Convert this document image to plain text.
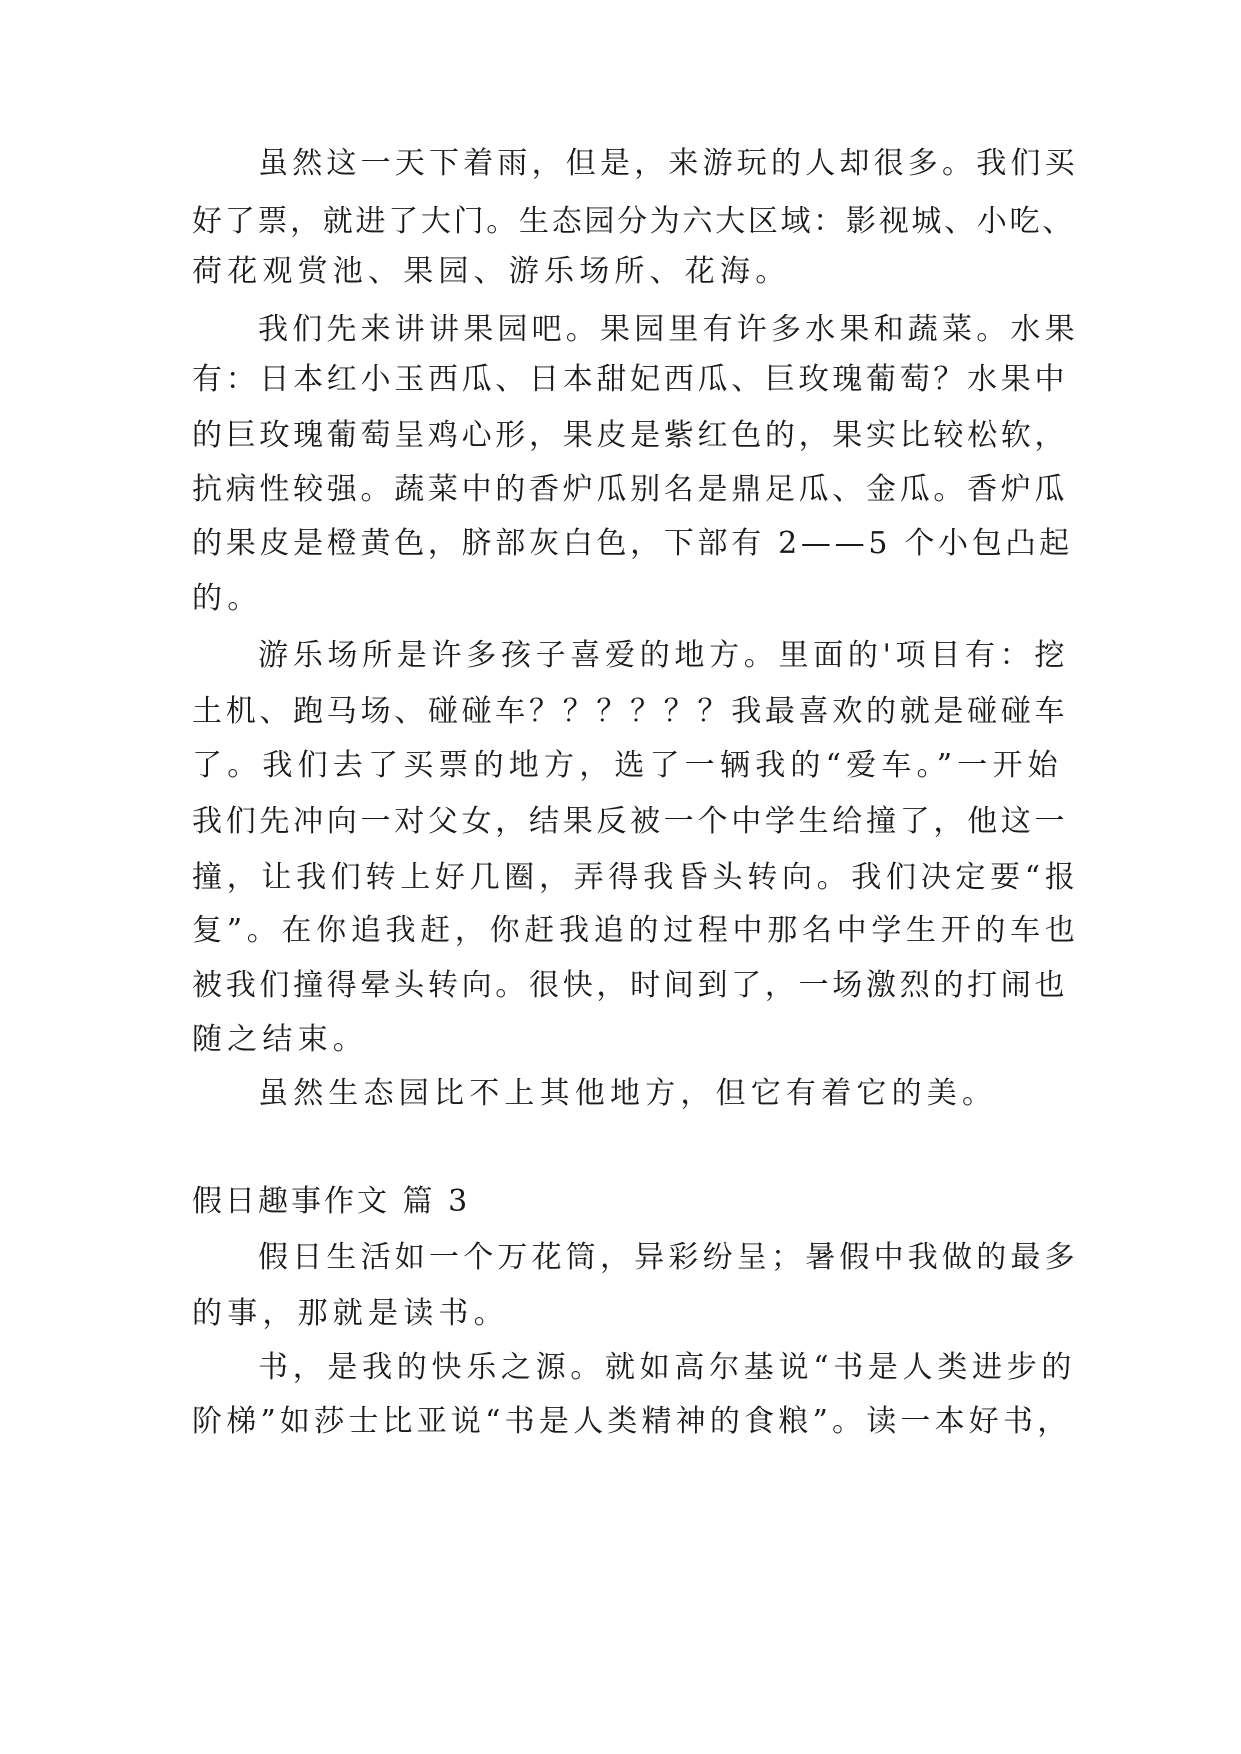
虽然这一天下着雨，但是，来游玩的人却很多。我们买
好了票，就进了大门。生态园分为六大区域：影视城、小吃、
荷花观赏池、果园、游乐场所、花海。
我们先来讲讲果园吧。果园里有许多水果和蔬菜。水果
有：日本红小玉西瓜、日本甜妃西瓜、巨玫瑰葡萄？水果中
的巨玫瑰葡萄呈鸡心形，果皮是紫红色的，果实比较松软，
抗病性较强。蔬菜中的香炉瓜别名是鼎足瓜、金瓜。香炉瓜
的果皮是橙黄色，脐部灰白色，下部有 2——5 个小包凸起
的。
游乐场所是许多孩子喜爱的地方。里面的'项目有：挖
土机、跑马场、碰碰车？？？？？？我最喜欢的就是碰碰车
了。我们去了买票的地方，选了一辆我的“爱车。”一开始
我们先冲向一对父女，结果反被一个中学生给撞了，他这一
撞，让我们转上好几圈，弄得我昏头转向。我们决定要“报
复”。在你追我赶，你赶我追的过程中那名中学生开的车也
被我们撞得晕头转向。很快，时间到了，一场激烈的打闹也
随之结束。
虽然生态园比不上其他地方，但它有着它的美。
假日趣事作文 篇 3
假日生活如一个万花筒，异彩纷呈；暑假中我做的最多
的事，那就是读书。
书，是我的快乐之源。就如高尔基说“书是人类进步的
阶梯”如莎士比亚说“书是人类精神的食粮”。读一本好书，
